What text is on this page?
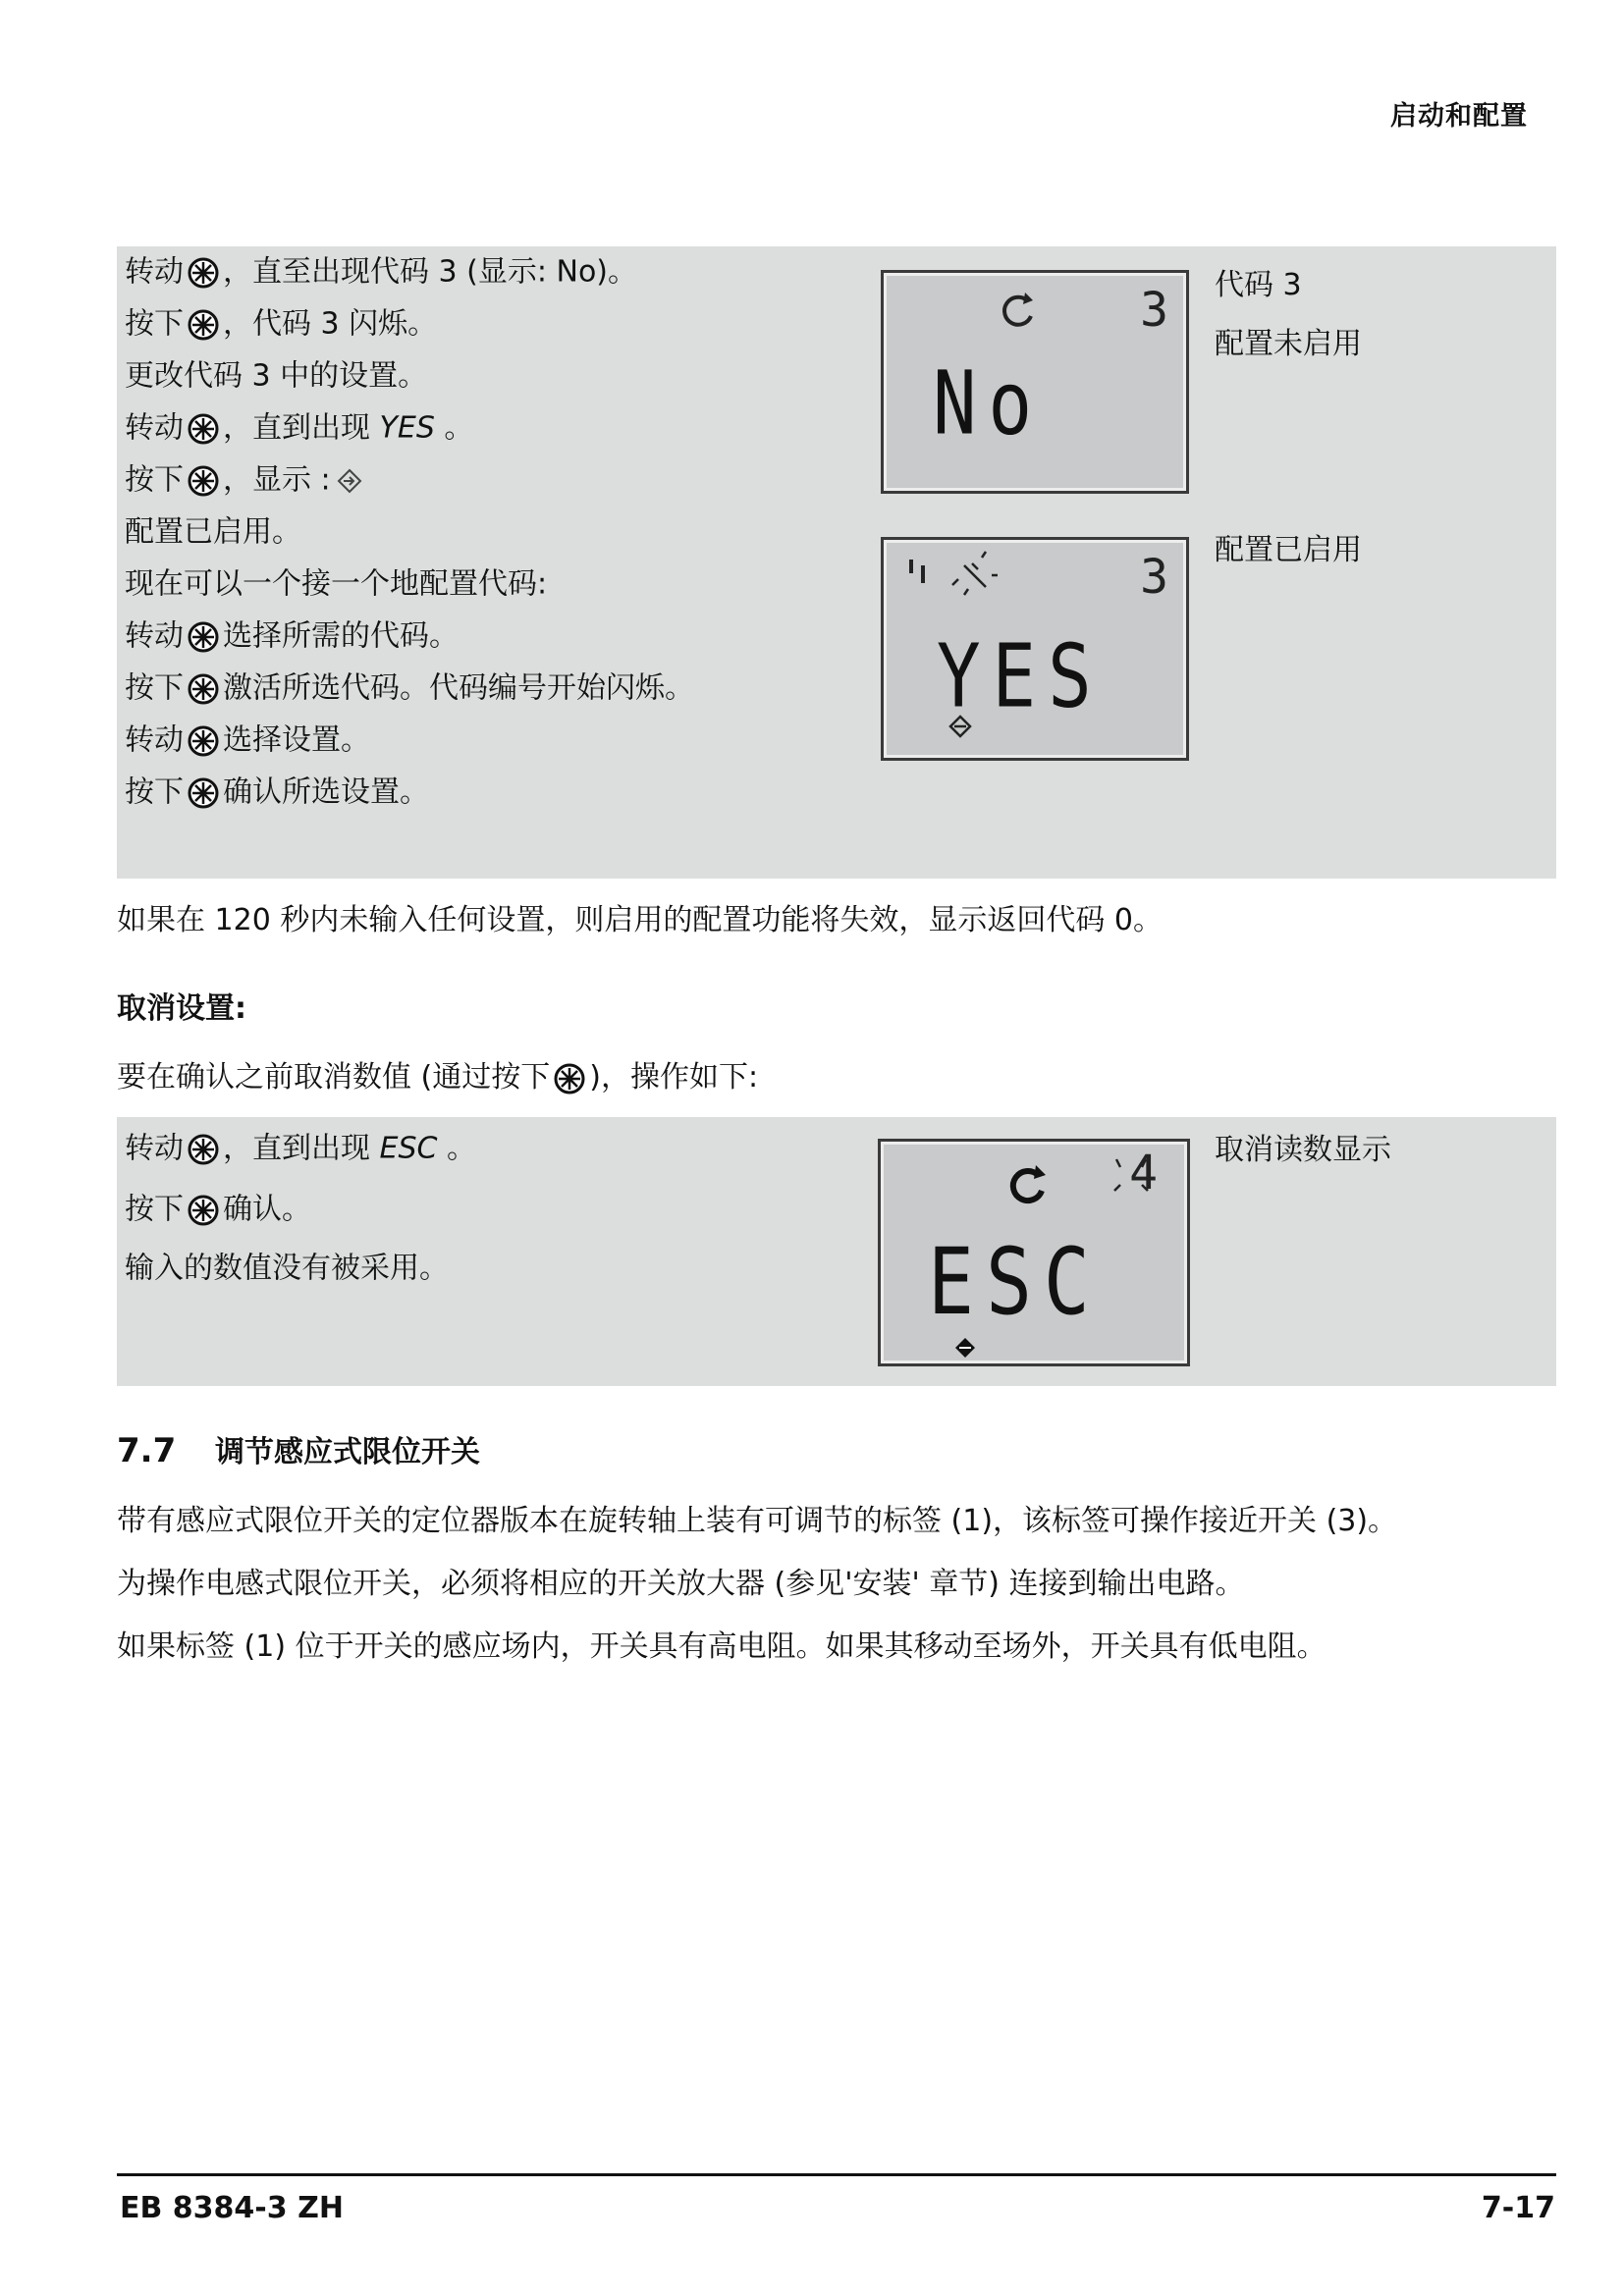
启动和配置
转动 ，直至出现代码 3 (显示: No)。
按下 ，代码 3 闪烁。
更改代码 3 中的设置。
转动 ，直到出现 YES 。
按下 ，显示 :
配置已启用。
现在可以一个接一个地配置代码:
转动 选择所需的代码。
按下 激活所选代码。代码编号开始闪烁。
转动 选择设置。
按下 确认所选设置。
3
No
代码 3
配置未启用
3
YES
配置已启用
如果在 120 秒内未输入任何设置，则启用的配置功能将失效，显示返回代码 0。
取消设置:
要在确认之前取消数值 (通过按下 )，操作如下:
转动 ，直到出现 ESC 。
按下 确认。
输入的数值没有被采用。
4
ESC
取消读数显示
7.7 调节感应式限位开关
带有感应式限位开关的定位器版本在旋转轴上装有可调节的标签 (1)，该标签可操作接近开关 (3)。
为操作电感式限位开关，必须将相应的开关放大器 (参见'安装' 章节) 连接到输出电路。
如果标签 (1) 位于开关的感应场内，开关具有高电阻。如果其移动至场外，开关具有低电阻。
EB 8384-3 ZH	7-17
